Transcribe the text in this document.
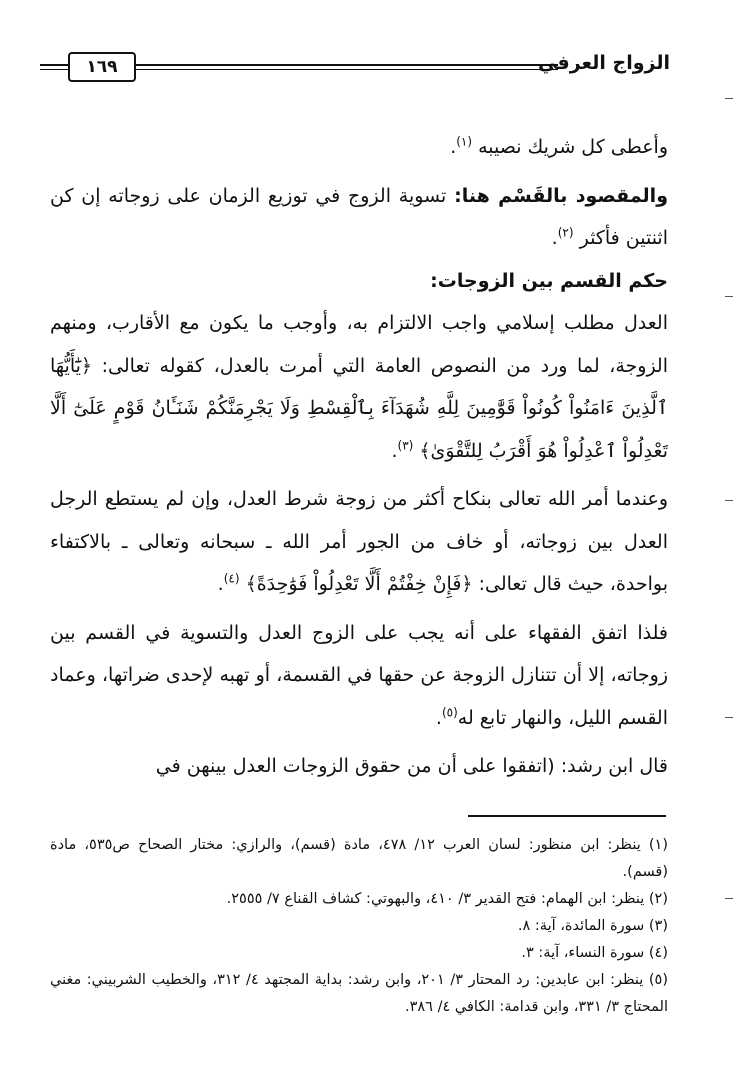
الزواج العرفي
١٦٩

وأعطى كل شريك نصيبه $^{(١)}$.

والمقصود بالقَسْم هنا: تسوية الزوج في توزيع الزمان على زوجاته إن كن اثنتين فأكثر $^{(٢)}$.

حكم القسم بين الزوجات:

العدل مطلب إسلامي واجب الالتزام به، وأوجب ما يكون مع الأقارب، ومنهم الزوجة، لما ورد من النصوص العامة التي أمرت بالعدل، كقوله تعالى: ﴿يَٰٓأَيُّهَا ٱلَّذِينَ ءَامَنُواْ كُونُواْ قَوَّٰمِينَ لِلَّهِ شُهَدَآءَ بِٱلْقِسْطِ وَلَا يَجْرِمَنَّكُمْ شَنَـَٔانُ قَوْمٍ عَلَىٰٓ أَلَّا تَعْدِلُواْ ٱعْدِلُواْ هُوَ أَقْرَبُ لِلتَّقْوَىٰ﴾ $^{(٣)}$.

وعندما أمر الله تعالى بنكاح أكثر من زوجة شرط العدل، وإن لم يستطع الرجل العدل بين زوجاته، أو خاف من الجور أمر الله ـ سبحانه وتعالى ـ بالاكتفاء بواحدة، حيث قال تعالى: ﴿فَإِنْ خِفْتُمْ أَلَّا تَعْدِلُواْ فَوَٰحِدَةً﴾ $^{(٤)}$.

فلذا اتفق الفقهاء على أنه يجب على الزوج العدل والتسوية في القسم بين زوجاته، إلا أن تتنازل الزوجة عن حقها في القسمة، أو تهبه لإحدى ضراتها، وعماد القسم الليل، والنهار تابع له$^{(٥)}$.

قال ابن رشد: (اتفقوا على أن من حقوق الزوجات العدل بينهن في

(١) ينظر: ابن منظور: لسان العرب ١٢/ ٤٧٨، مادة (قسم)، والرازي: مختار الصحاح ص٥٣٥، مادة (قسم).

(٢) ينظر: ابن الهمام: فتح القدير ٣/ ٤١٠، والبهوتي: كشاف القناع ٧/ ٢٥٥٥.

(٣) سورة المائدة، آية: ٨.

(٤) سورة النساء، آية: ٣.

(٥) ينظر: ابن عابدين: رد المحتار ٣/ ٢٠١، وابن رشد: بداية المجتهد ٤/ ٣١٢، والخطيب الشربيني: مغني المحتاج ٣/ ٣٣١، وابن قدامة: الكافي ٤/ ٣٨٦.
